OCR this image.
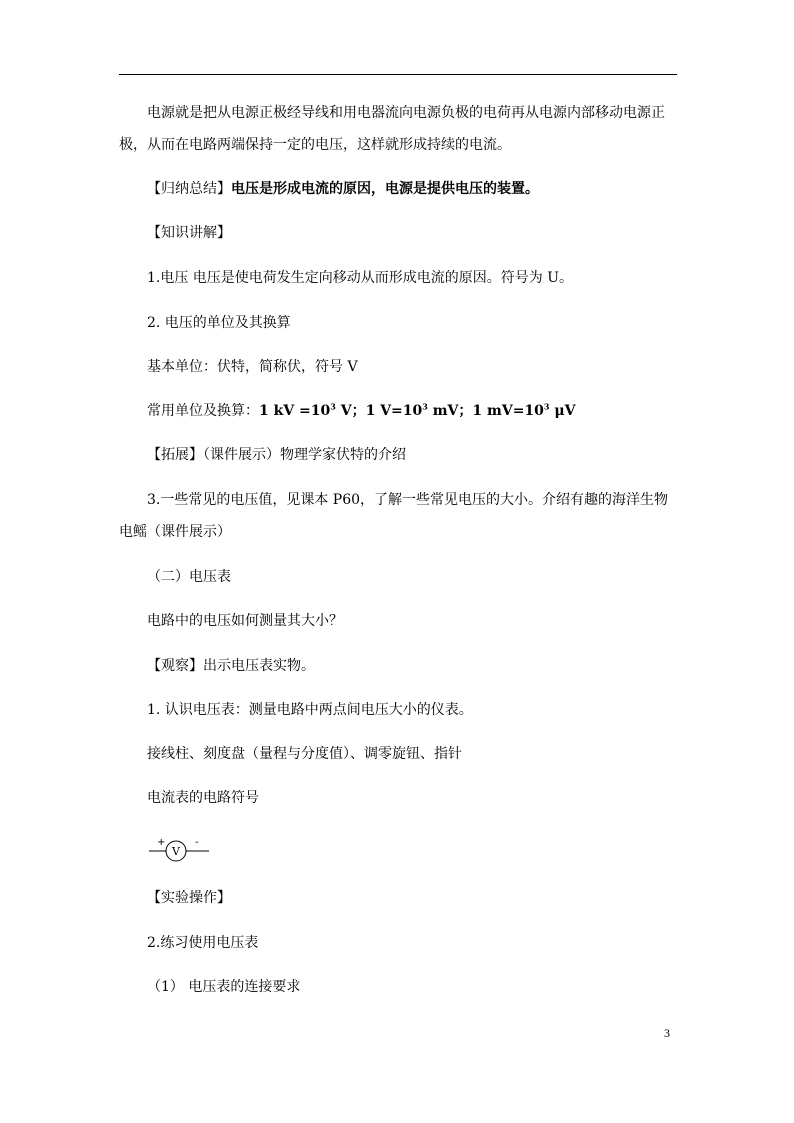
电源就是把从电源正极经导线和用电器流向电源负极的电荷再从电源内部移动电源正极，从而在电路两端保持一定的电压，这样就形成持续的电流。

【归纳总结】电压是形成电流的原因，电源是提供电压的装置。

【知识讲解】

1.电压 电压是使电荷发生定向移动从而形成电流的原因。符号为 U。

2. 电压的单位及其换算

基本单位：伏特，简称伏，符号 V

常用单位及换算：1 kV $=10^3$ V；1 $V=10^3$ mV；1 $mV=10^3$ μV

【拓展】（课件展示）物理学家伏特的介绍

3.一些常见的电压值，见课本 P60，了解一些常见电压的大小。介绍有趣的海洋生物电鳐（课件展示）

（二）电压表

电路中的电压如何测量其大小？

【观察】出示电压表实物。

1. 认识电压表：测量电路中两点间电压大小的仪表。

接线柱、刻度盘（量程与分度值）、调零旋钮、指针

电流表的电路符号

+	-
V

【实验操作】

2.练习使用电压表

（1） 电压表的连接要求

3
